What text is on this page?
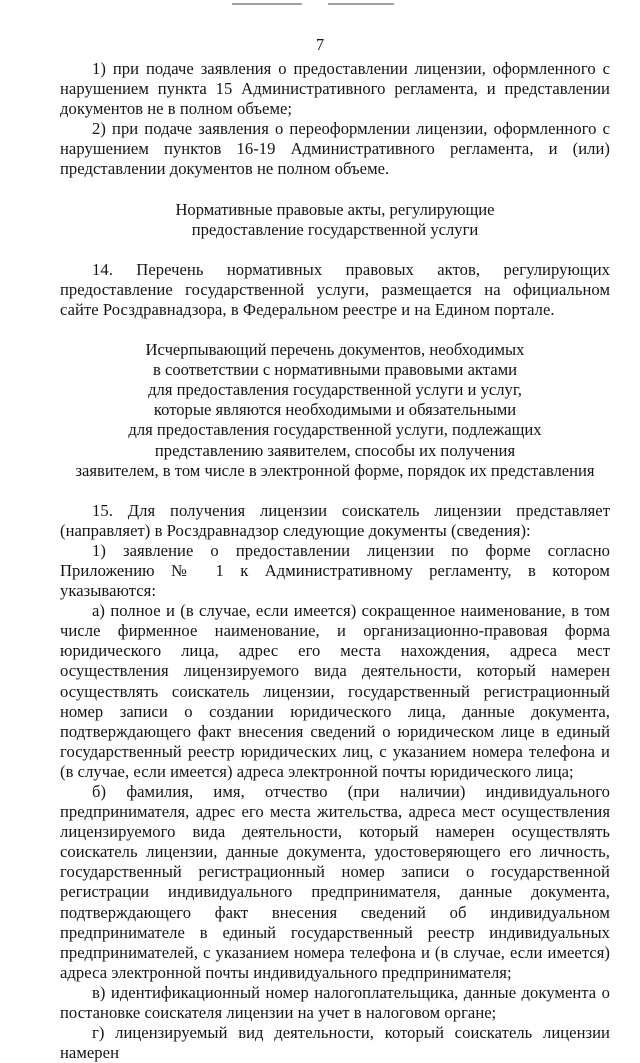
7

1) при подаче заявления о предоставлении лицензии, оформленного с нарушением пункта 15 Административного регламента, и представлении документов не в полном объеме;

2) при подаче заявления о переоформлении лицензии, оформленного с нарушением пунктов 16-19 Административного регламента, и (или) представлении документов не полном объеме.

Нормативные правовые акты, регулирующие
предоставление государственной услуги

14. Перечень нормативных правовых актов, регулирующих предоставление государственной услуги, размещается на официальном сайте Росздравнадзора, в Федеральном реестре и на Едином портале.

Исчерпывающий перечень документов, необходимых
в соответствии с нормативными правовыми актами
для предоставления государственной услуги и услуг,
которые являются необходимыми и обязательными
для предоставления государственной услуги, подлежащих
представлению заявителем, способы их получения
заявителем, в том числе в электронной форме, порядок их представления

15. Для получения лицензии соискатель лицензии представляет (направляет) в Росздравнадзор следующие документы (сведения):

1) заявление о предоставлении лицензии по форме согласно Приложению № 1 к Административному регламенту, в котором указываются:

а) полное и (в случае, если имеется) сокращенное наименование, в том числе фирменное наименование, и организационно-правовая форма юридического лица, адрес его места нахождения, адреса мест осуществления лицензируемого вида деятельности, который намерен осуществлять соискатель лицензии, государственный регистрационный номер записи о создании юридического лица, данные документа, подтверждающего факт внесения сведений о юридическом лице в единый государственный реестр юридических лиц, с указанием номера телефона и (в случае, если имеется) адреса электронной почты юридического лица;

б) фамилия, имя, отчество (при наличии) индивидуального предпринимателя, адрес его места жительства, адреса мест осуществления лицензируемого вида деятельности, который намерен осуществлять соискатель лицензии, данные документа, удостоверяющего его личность, государственный регистрационный номер записи о государственной регистрации индивидуального предпринимателя, данные документа, подтверждающего факт внесения сведений об индивидуальном предпринимателе в единый государственный реестр индивидуальных предпринимателей, с указанием номера телефона и (в случае, если имеется) адреса электронной почты индивидуального предпринимателя;

в) идентификационный номер налогоплательщика, данные документа о постановке соискателя лицензии на учет в налоговом органе;

г) лицензируемый вид деятельности, который соискатель лицензии намерен
